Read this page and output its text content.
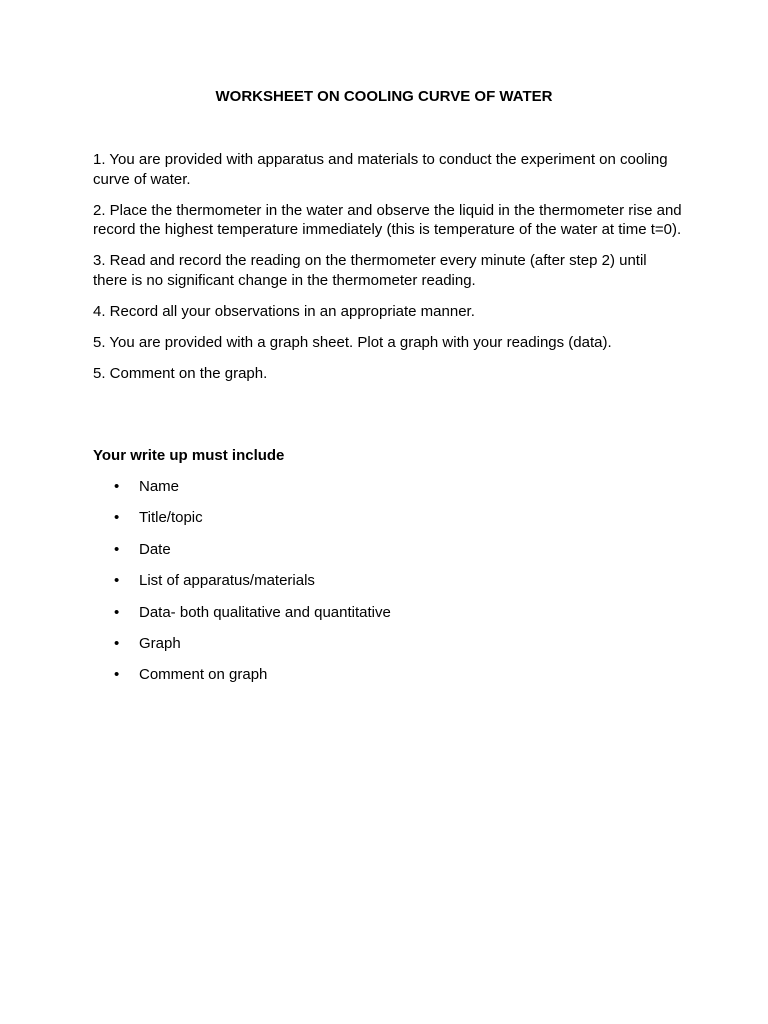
WORKSHEET ON COOLING CURVE OF WATER

1. You are provided with apparatus and materials to conduct the experiment on cooling curve of water.

2. Place the thermometer in the water and observe the liquid in the thermometer rise and record the highest temperature immediately (this is temperature of the water at time t=0).

3. Read and record the reading on the thermometer every minute (after step 2) until there is no significant change in the thermometer reading.

4. Record all your observations in an appropriate manner.

5. You are provided with a graph sheet. Plot a graph with your readings (data).

5. Comment on the graph.

Your write up must include
• Name
• Title/topic
• Date
• List of apparatus/materials
• Data- both qualitative and quantitative
• Graph
• Comment on graph
